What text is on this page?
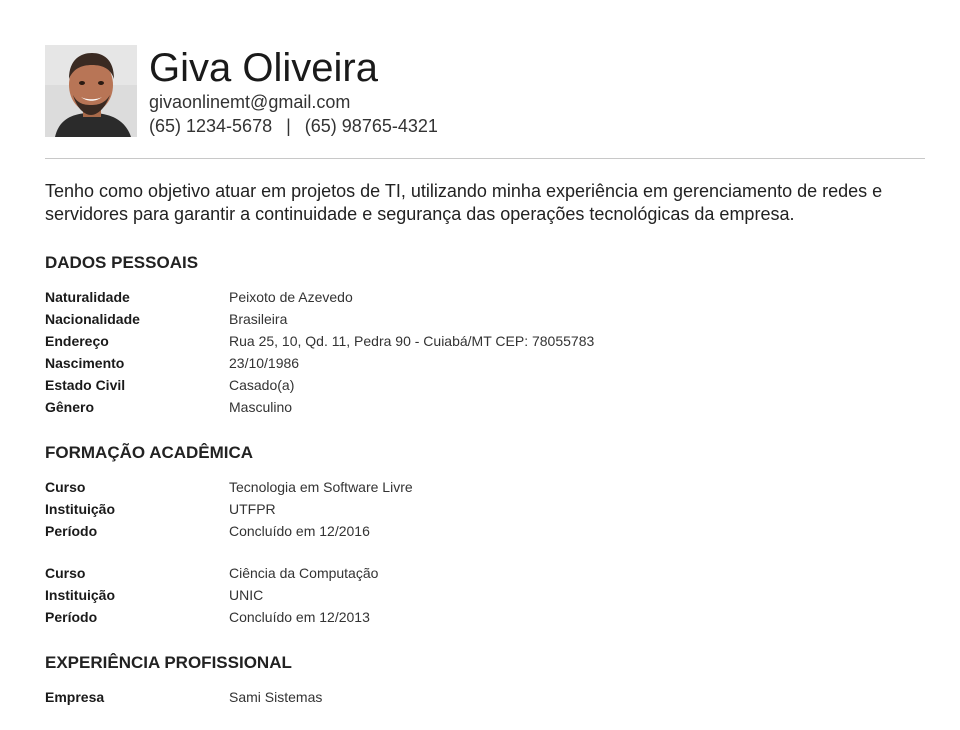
Giva Oliveira
givaonlinemt@gmail.com
(65) 1234-5678 | (65) 98765-4321
Tenho como objetivo atuar em projetos de TI, utilizando minha experiência em gerenciamento de redes e servidores para garantir a continuidade e segurança das operações tecnológicas da empresa.
DADOS PESSOAIS
Naturalidade	Peixoto de Azevedo
Nacionalidade	Brasileira
Endereço	Rua 25, 10, Qd. 11, Pedra 90 - Cuiabá/MT CEP: 78055783
Nascimento	23/10/1986
Estado Civil	Casado(a)
Gênero	Masculino
FORMAÇÃO ACADÊMICA
Curso	Tecnologia em Software Livre
Instituição	UTFPR
Período	Concluído em 12/2016
Curso	Ciência da Computação
Instituição	UNIC
Período	Concluído em 12/2013
EXPERIÊNCIA PROFISSIONAL
Empresa	Sami Sistemas
